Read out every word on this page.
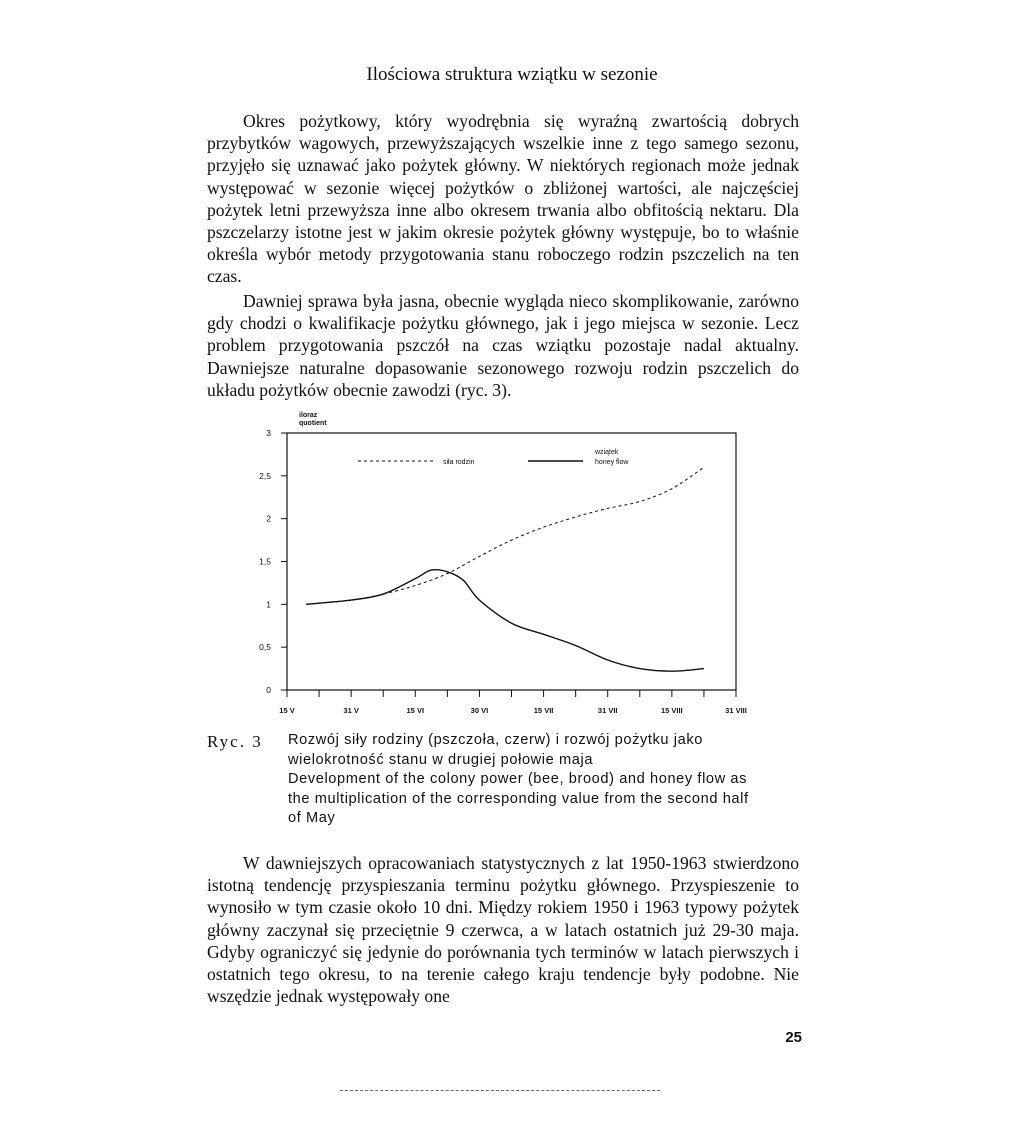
Ilościowa struktura wziątku w sezonie

Okres pożytkowy, który wyodrębnia się wyraźną zwartością dobrych przybytków wagowych, przewyższających wszelkie inne z tego samego sezonu, przyjęło się uznawać jako pożytek główny. W niektórych regionach może jednak występować w sezonie więcej pożytków o zbliżonej wartości, ale najczęściej pożytek letni przewyższa inne albo okresem trwania albo obfitością nektaru. Dla pszczelarzy istotne jest w jakim okresie pożytek główny występuje, bo to właśnie określa wybór metody przygotowania stanu roboczego rodzin pszczelich na ten czas.

Dawniej sprawa była jasna, obecnie wygląda nieco skomplikowanie, zarówno gdy chodzi o kwalifikacje pożytku głównego, jak i jego miejsca w sezonie. Lecz problem przygotowania pszczół na czas wziątku pozostaje nadal aktualny. Dawniejsze naturalne dopasowanie sezonowego rozwoju rodzin pszczelich do układu pożytków obecnie zawodzi (ryc. 3).

0
0,5
1
1,5
2
2,5
3
15 V	31 V	15 VI	30 VI	15 VII	31 VII	15 VIII	31 VIII
iloraz
quotient
siła rodzin
wziątek
honey flow
Ryc. 3 Rozwój siły rodziny (pszczoła, czerw) i rozwój pożytku jako
wielokrotność stanu w drugiej połowie maja
Development of the colony power (bee, brood) and honey flow as
the multiplication of the corresponding value from the second half
of May

W dawniejszych opracowaniach statystycznych z lat 1950-1963 stwierdzono istotną tendencję przyspieszania terminu pożytku głównego. Przyspieszenie to wynosiło w tym czasie około 10 dni. Między rokiem 1950 i 1963 typowy pożytek główny zaczynał się przeciętnie 9 czerwca, a w latach ostatnich już 29-30 maja. Gdyby ograniczyć się jedynie do porównania tych terminów w latach pierwszych i ostatnich tego okresu, to na terenie całego kraju tendencje były podobne. Nie wszędzie jednak występowały one

25
